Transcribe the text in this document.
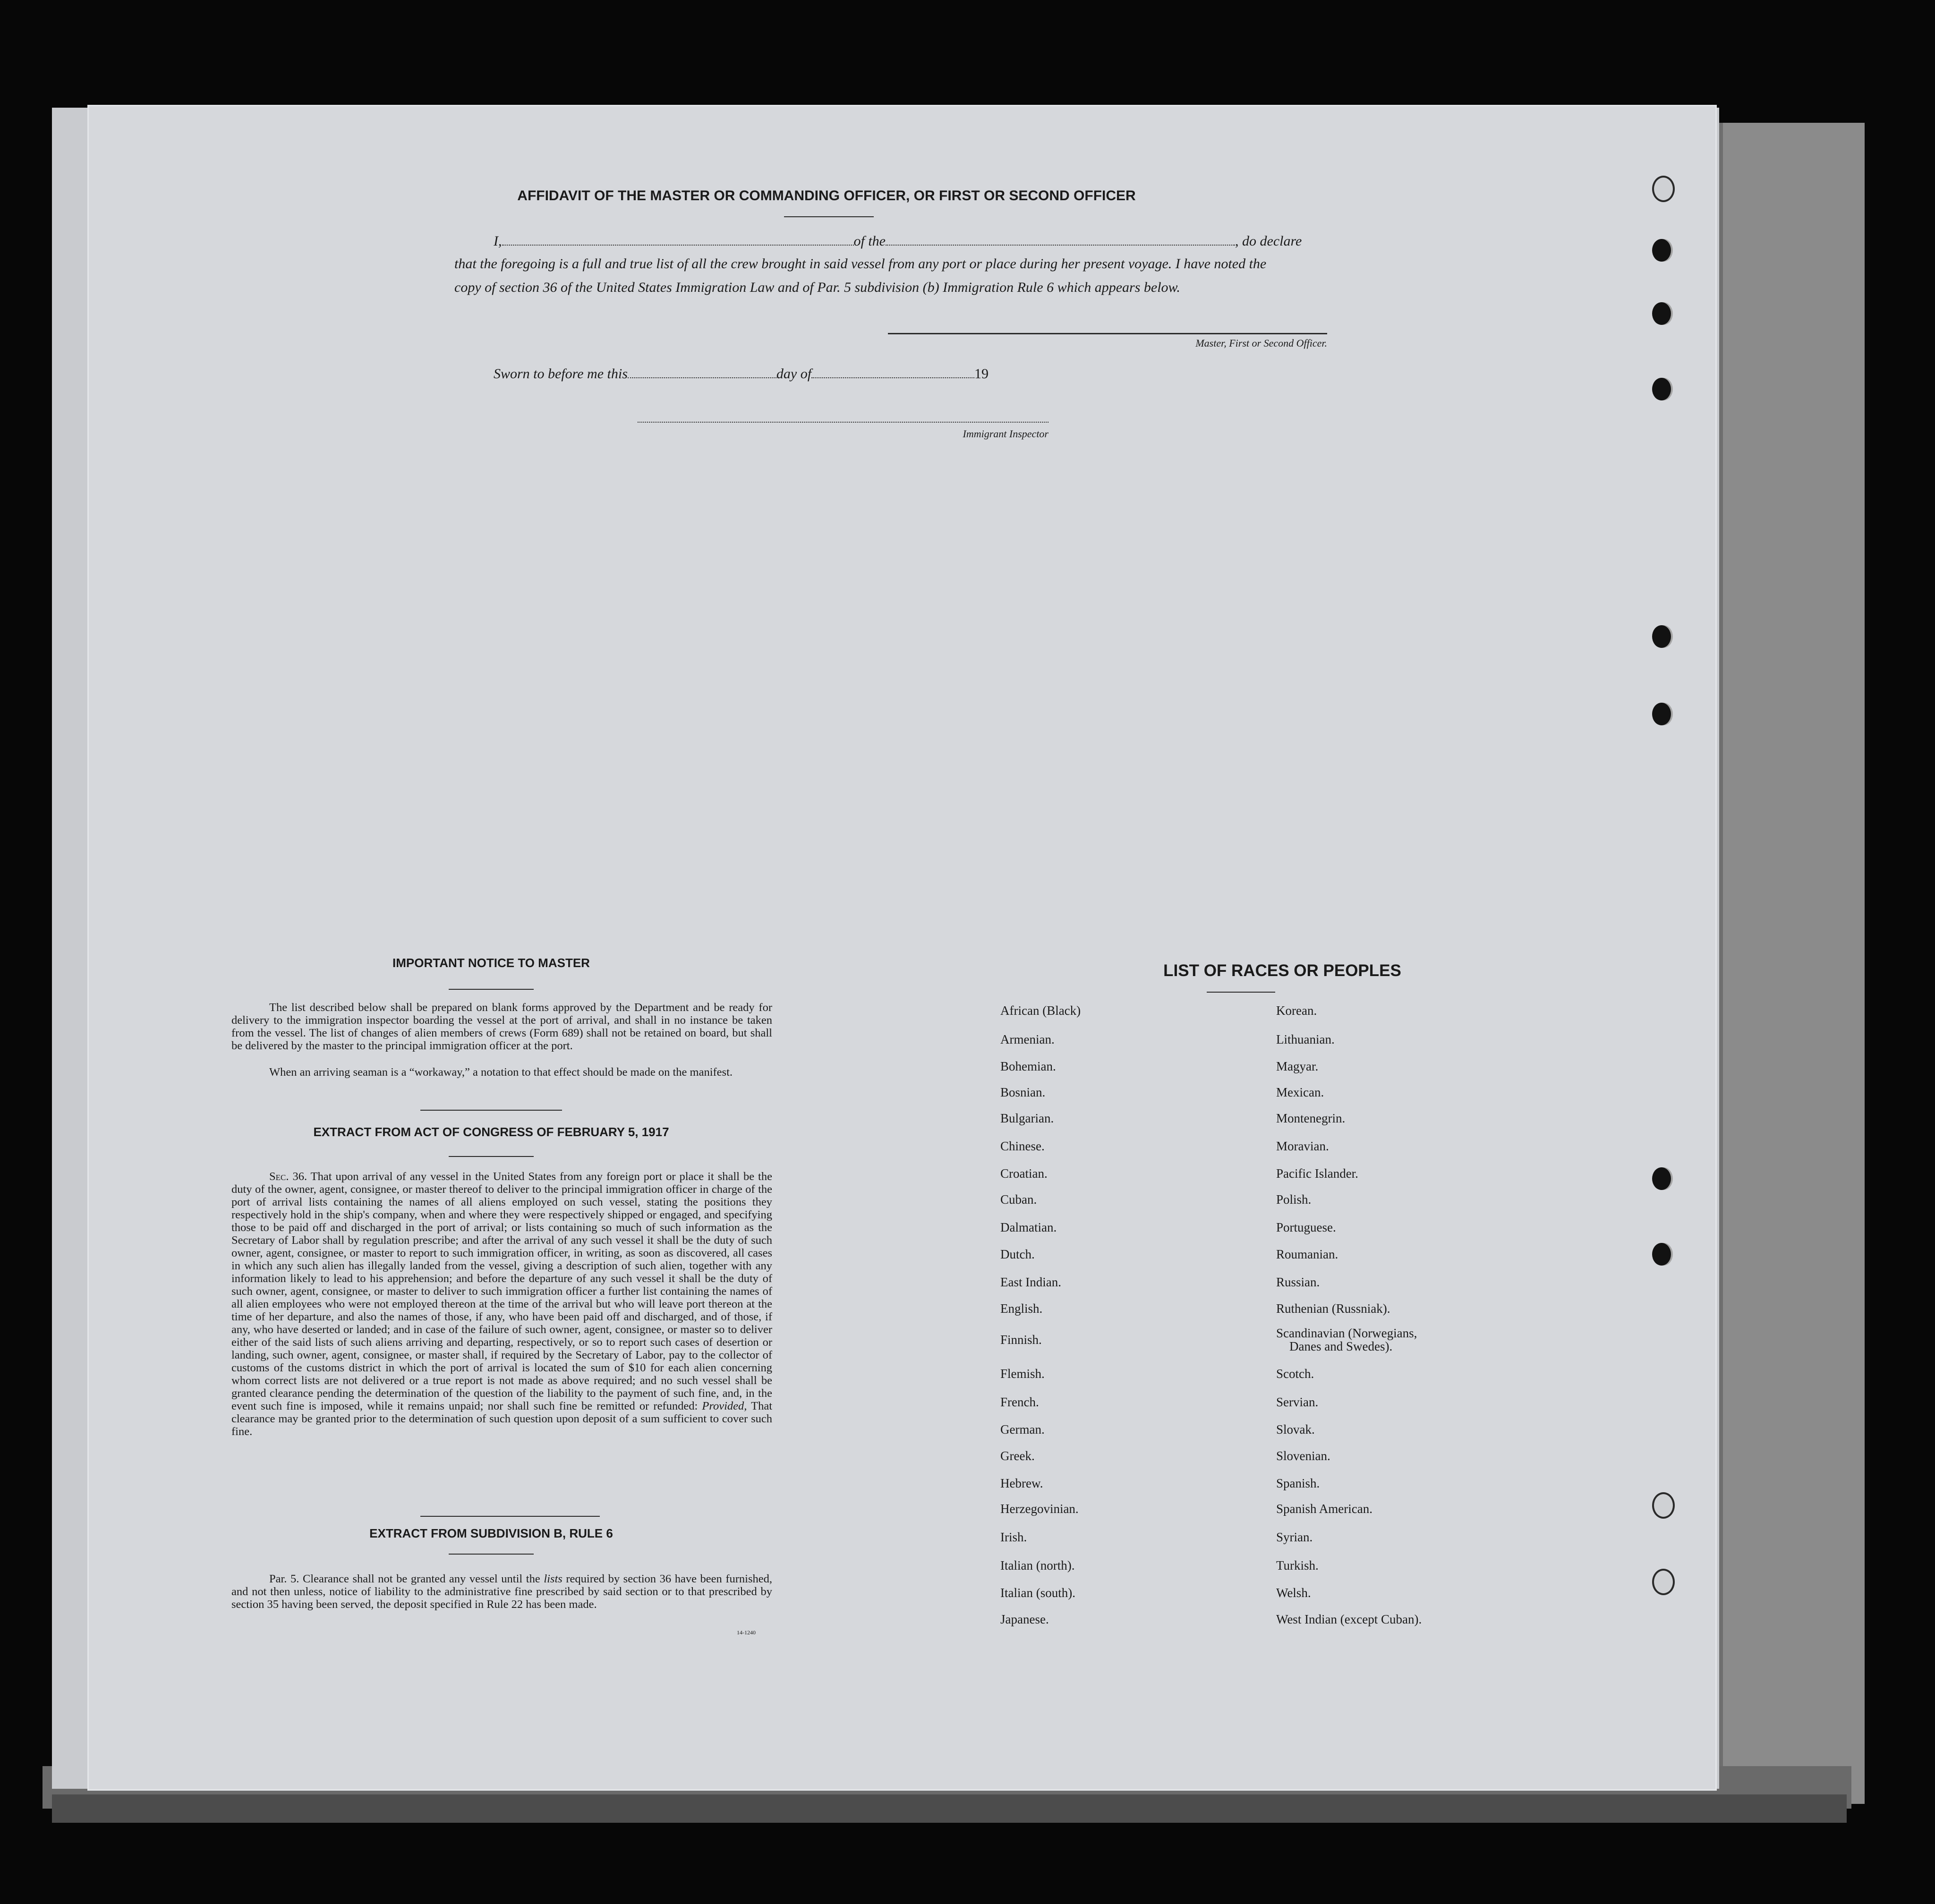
AFFIDAVIT OF THE MASTER OR COMMANDING OFFICER, OR FIRST OR SECOND OFFICER
I,	of the	, do declare
that the foregoing is a full and true list of all the crew brought in said vessel from any port or place during her present voyage. I have noted the
copy of section 36 of the United States Immigration Law and of Par. 5 subdivision (b) Immigration Rule 6 which appears below.
Master, First or Second Officer.
Sworn to before me this	day of	19
Immigrant Inspector
IMPORTANT NOTICE TO MASTER

The list described below shall be prepared on blank forms approved by the Department and be ready for delivery to the immigration inspector boarding the vessel at the port of arrival, and shall in no instance be taken from the vessel. The list of changes of alien members of crews (Form 689) shall not be retained on board, but shall be delivered by the master to the principal immigration officer at the port.

When an arriving seaman is a “workaway,” a notation to that effect should be made on the manifest.

EXTRACT FROM ACT OF CONGRESS OF FEBRUARY 5, 1917

Sec. 36. That upon arrival of any vessel in the United States from any foreign port or place it shall be the duty of the owner, agent, consignee, or master thereof to deliver to the principal immigration officer in charge of the port of arrival lists containing the names of all aliens employed on such vessel, stating the positions they respectively hold in the ship's company, when and where they were respectively shipped or engaged, and specifying those to be paid off and discharged in the port of arrival; or lists containing so much of such information as the Secretary of Labor shall by regulation prescribe; and after the arrival of any such vessel it shall be the duty of such owner, agent, consignee, or master to report to such immigration officer, in writing, as soon as discovered, all cases in which any such alien has illegally landed from the vessel, giving a description of such alien, together with any information likely to lead to his apprehension; and before the departure of any such vessel it shall be the duty of such owner, agent, consignee, or master to deliver to such immigration officer a further list containing the names of all alien employees who were not employed thereon at the time of the arrival but who will leave port thereon at the time of her departure, and also the names of those, if any, who have been paid off and discharged, and of those, if any, who have deserted or landed; and in case of the failure of such owner, agent, consignee, or master so to deliver either of the said lists of such aliens arriving and departing, respectively, or so to report such cases of desertion or landing, such owner, agent, consignee, or master shall, if required by the Secretary of Labor, pay to the collector of customs of the customs district in which the port of arrival is located the sum of $10 for each alien concerning whom correct lists are not delivered or a true report is not made as above required; and no such vessel shall be granted clearance pending the determination of the question of the liability to the payment of such fine, and, in the event such fine is imposed, while it remains unpaid; nor shall such fine be remitted or refunded: Provided, That clearance may be granted prior to the determination of such question upon deposit of a sum sufficient to cover such fine.

EXTRACT FROM SUBDIVISION B, RULE 6

Par. 5. Clearance shall not be granted any vessel until the lists required by section 36 have been furnished, and not then unless, notice of liability to the administrative fine prescribed by said section or to that prescribed by section 35 having been served, the deposit specified in Rule 22 has been made.

14-1240
LIST OF RACES OR PEOPLES
African (Black)
Armenian.
Bohemian.
Bosnian.
Bulgarian.
Chinese.
Croatian.
Cuban.
Dalmatian.
Dutch.
East Indian.
English.
Finnish.
Flemish.
French.
German.
Greek.
Hebrew.
Herzegovinian.
Irish.
Italian (north).
Italian (south).
Japanese.
Korean.
Lithuanian.
Magyar.
Mexican.
Montenegrin.
Moravian.
Pacific Islander.
Polish.
Portuguese.
Roumanian.
Russian.
Ruthenian (Russniak).
Scandinavian (Norwegians,
Danes and Swedes).
Scotch.
Servian.
Slovak.
Slovenian.
Spanish.
Spanish American.
Syrian.
Turkish.
Welsh.
West Indian (except Cuban).
